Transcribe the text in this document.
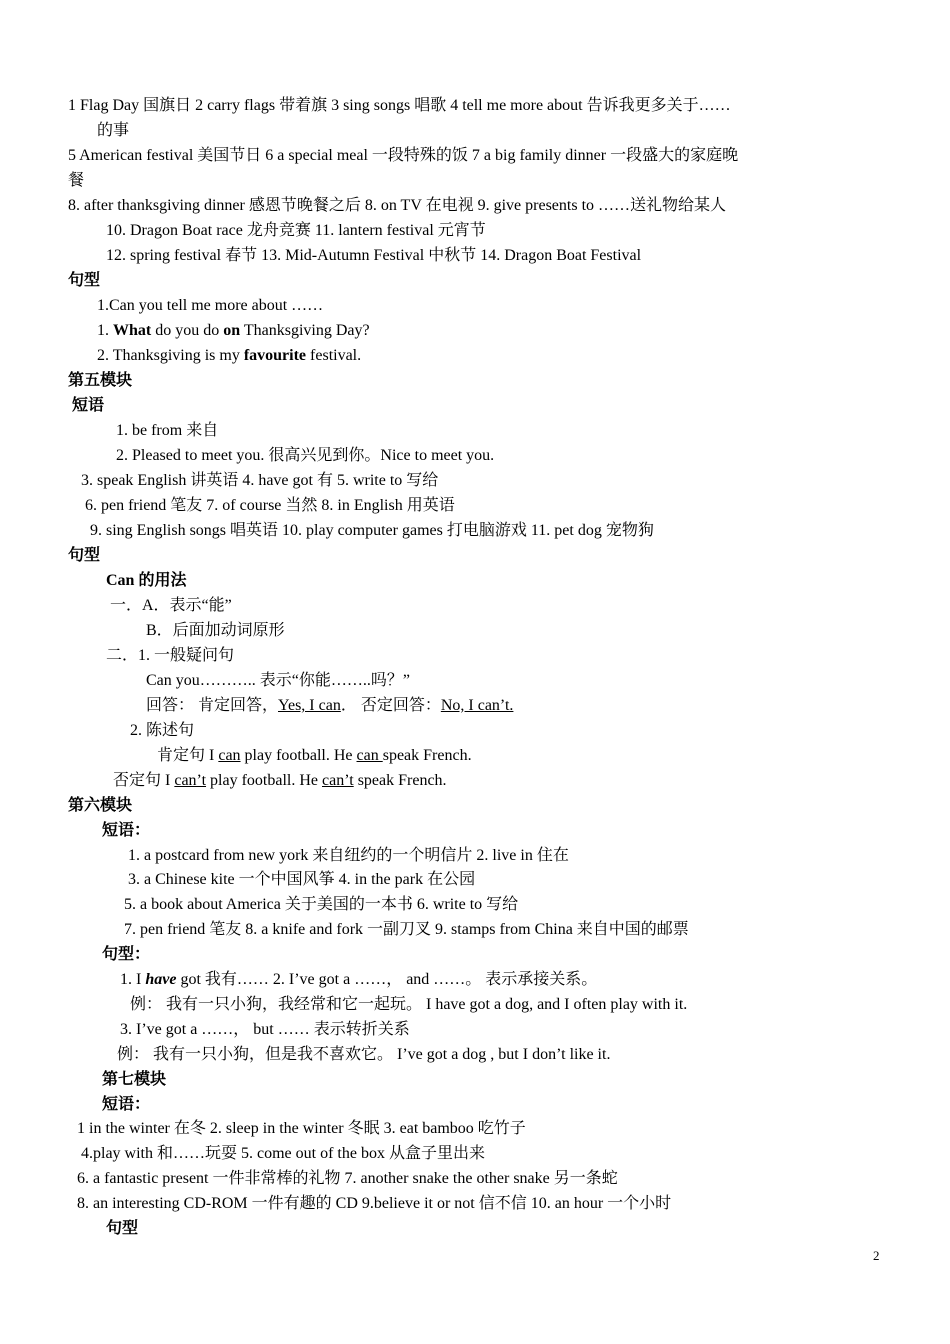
1 Flag Day 国旗日 2 carry flags 带着旗 3 sing songs 唱歌 4 tell me more about 告诉我更多关于……
的事
5 American festival 美国节日 6 a special meal 一段特殊的饭 7 a big family dinner 一段盛大的家庭晚
餐
8. after thanksgiving dinner 感恩节晚餐之后 8. on TV 在电视 9. give presents to ……送礼物给某人
10. Dragon Boat race 龙舟竞赛 11. lantern festival 元宵节
12. spring festival 春节 13. Mid-Autumn Festival 中秋节 14. Dragon Boat Festival
句型
1.Can you tell me more about ……
1. What do you do on Thanksgiving Day?
2. Thanksgiving is my favourite festival.
第五模块
短语
1. be from 来自
2. Pleased to meet you. 很高兴见到你。Nice to meet you.
3. speak English 讲英语 4. have got 有 5. write to 写给
6. pen friend 笔友 7. of course 当然 8. in English 用英语
9. sing English songs 唱英语 10. play computer games 打电脑游戏 11. pet dog 宠物狗
句型
Can 的用法
一．A．表示“能”
B．后面加动词原形
二．1. 一般疑问句
Can you……….. 表示“你能……..吗？”
回答： 肯定回答，Yes, I can． 否定回答：No, I can’t.
2. 陈述句
肯定句 I can play football. He can speak French.
否定句 I can’t play football. He can’t speak French.
第六模块
短语：
1. a postcard from new york 来自纽约的一个明信片 2. live in 住在
3. a Chinese kite 一个中国风筝 4. in the park 在公园
5. a book about America 关于美国的一本书 6. write to 写给
7. pen friend 笔友 8. a knife and fork 一副刀叉 9. stamps from China 来自中国的邮票
句型：
1. I have got 我有…… 2. I’ve got a ……， and ……。 表示承接关系。
例： 我有一只小狗，我经常和它一起玩。 I have got a dog, and I often play with it.
3. I’ve got a ……， but …… 表示转折关系
例： 我有一只小狗，但是我不喜欢它。 I’ve got a dog , but I don’t like it.
第七模块
短语：
1 in the winter 在冬 2. sleep in the winter 冬眠 3. eat bamboo 吃竹子
4.play with 和……玩耍 5. come out of the box 从盒子里出来
6. a fantastic present 一件非常棒的礼物 7. another snake the other snake 另一条蛇
8. an interesting CD-ROM 一件有趣的 CD 9.believe it or not 信不信 10. an hour 一个小时
句型
2
